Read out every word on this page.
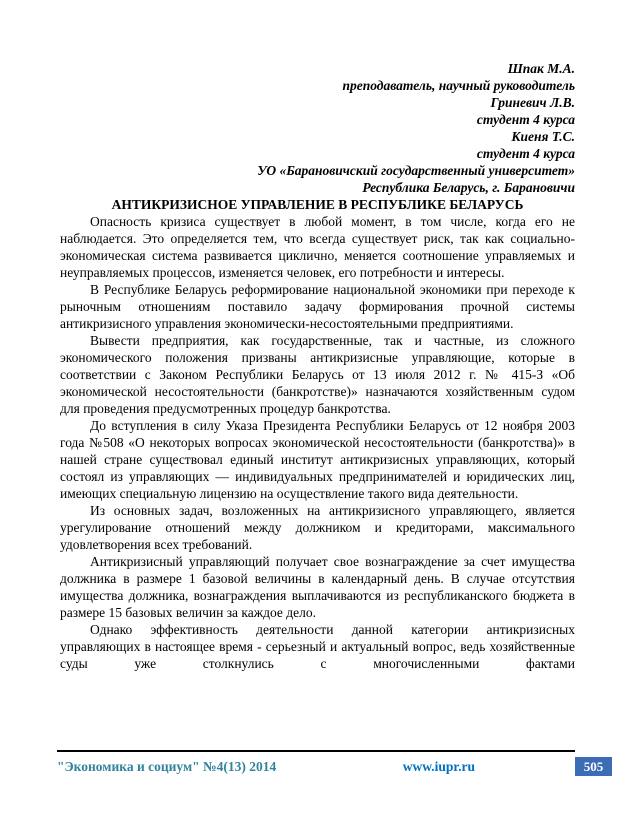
Шпак М.А.
преподаватель, научный руководитель
Гриневич Л.В.
студент 4 курса
Киеня Т.С.
студент 4 курса
УО «Барановичский государственный университет»
Республика Беларусь, г. Барановичи
АНТИКРИЗИСНОЕ УПРАВЛЕНИЕ В РЕСПУБЛИКЕ БЕЛАРУСЬ

Опасность кризиса существует в любой момент, в том числе, когда его не наблюдается. Это определяется тем, что всегда существует риск, так как социально-экономическая система развивается циклично, меняется соотношение управляемых и неуправляемых процессов, изменяется человек, его потребности и интересы.

В Республике Беларусь реформирование национальной экономики при переходе к рыночным отношениям поставило задачу формирования прочной системы антикризисного управления экономически-несостоятельными предприятиями.

Вывести предприятия, как государственные, так и частные, из сложного экономического положения призваны антикризисные управляющие, которые в соответствии с Законом Республики Беларусь от 13 июля 2012 г. № 415-З «Об экономической несостоятельности (банкротстве)» назначаются хозяйственным судом для проведения предусмотренных процедур банкротства.

До вступления в силу Указа Президента Республики Беларусь от 12 ноября 2003 года №508 «О некоторых вопросах экономической несостоятельности (банкротства)» в нашей стране существовал единый институт антикризисных управляющих, который состоял из управляющих — индивидуальных предпринимателей и юридических лиц, имеющих специальную лицензию на осуществление такого вида деятельности.

Из основных задач, возложенных на антикризисного управляющего, является урегулирование отношений между должником и кредиторами, максимального удовлетворения всех требований.

Антикризисный управляющий получает свое вознаграждение за счет имущества должника в размере 1 базовой величины в календарный день. В случае отсутствия имущества должника, вознаграждения выплачиваются из республиканского бюджета в размере 15 базовых величин за каждое дело.

Однако эффективность деятельности данной категории антикризисных управляющих в настоящее время - серьезный и актуальный вопрос, ведь хозяйственные суды уже столкнулись с многочисленными фактами

"Экономика и социум" №4(13) 2014	www.iupr.ru	505
